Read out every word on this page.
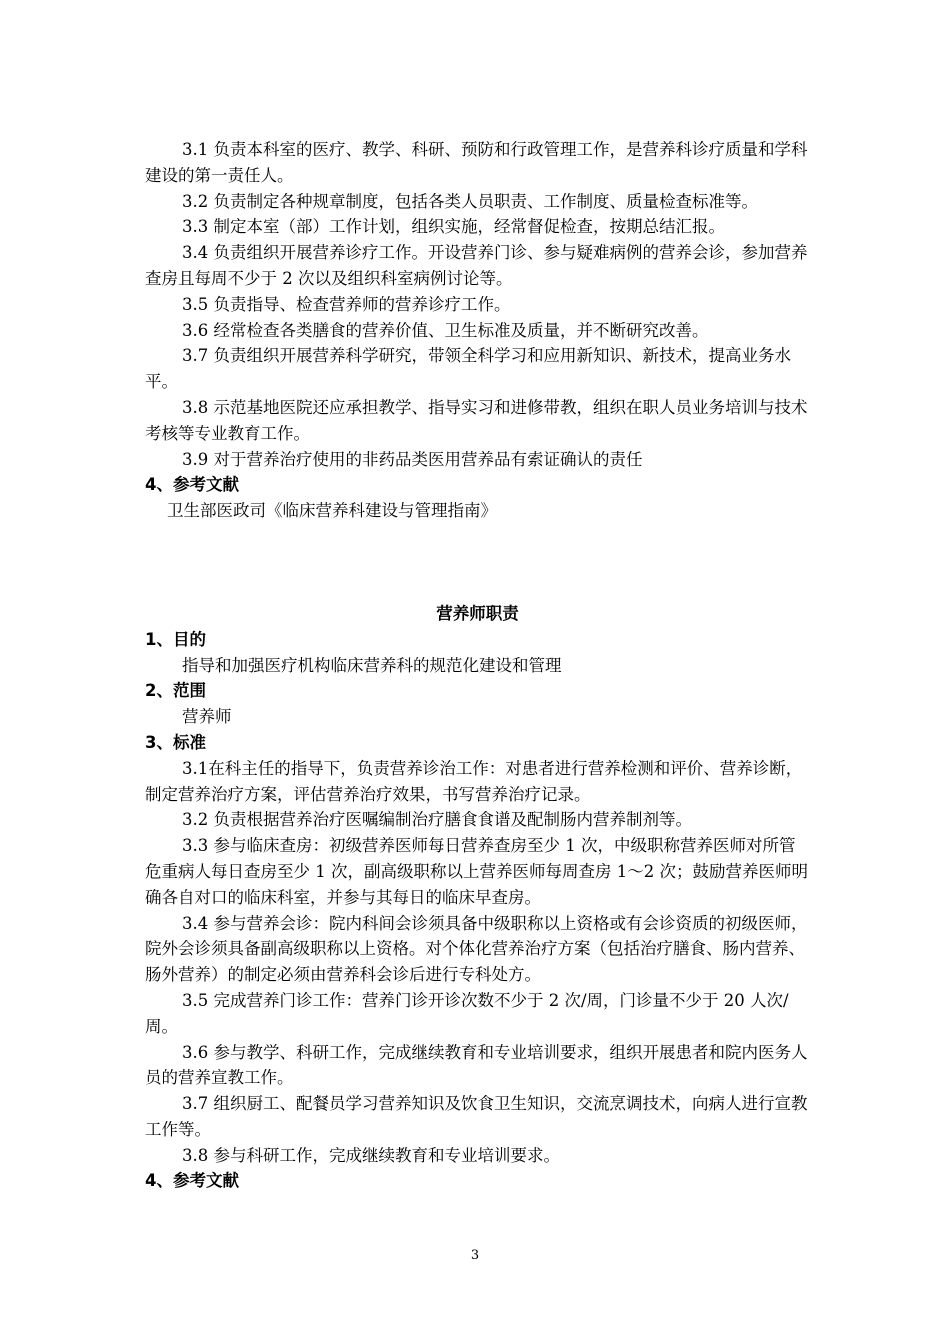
3.1 负责本科室的医疗、教学、科研、预防和行政管理工作，是营养科诊疗质量和学科建设的第一责任人。

3.2 负责制定各种规章制度，包括各类人员职责、工作制度、质量检查标准等。

3.3 制定本室（部）工作计划，组织实施，经常督促检查，按期总结汇报。

3.4 负责组织开展营养诊疗工作。开设营养门诊、参与疑难病例的营养会诊，参加营养查房且每周不少于 2 次以及组织科室病例讨论等。

3.5 负责指导、检查营养师的营养诊疗工作。

3.6 经常检查各类膳食的营养价值、卫生标准及质量，并不断研究改善。

3.7 负责组织开展营养科学研究，带领全科学习和应用新知识、新技术，提高业务水平。

3.8 示范基地医院还应承担教学、指导实习和进修带教，组织在职人员业务培训与技术考核等专业教育工作。

3.9 对于营养治疗使用的非药品类医用营养品有索证确认的责任

4、参考文献

卫生部医政司《临床营养科建设与管理指南》

营养师职责

1、目的

指导和加强医疗机构临床营养科的规范化建设和管理

2、范围

营养师

3、标准

3.1在科主任的指导下，负责营养诊治工作：对患者进行营养检测和评价、营养诊断，制定营养治疗方案，评估营养治疗效果，书写营养治疗记录。

3.2 负责根据营养治疗医嘱编制治疗膳食食谱及配制肠内营养制剂等。

3.3 参与临床查房：初级营养医师每日营养查房至少 1 次，中级职称营养医师对所管危重病人每日查房至少 1 次，副高级职称以上营养医师每周查房 1～2 次；鼓励营养医师明确各自对口的临床科室，并参与其每日的临床早查房。

3.4 参与营养会诊：院内科间会诊须具备中级职称以上资格或有会诊资质的初级医师，院外会诊须具备副高级职称以上资格。对个体化营养治疗方案（包括治疗膳食、肠内营养、肠外营养）的制定必须由营养科会诊后进行专科处方。

3.5 完成营养门诊工作：营养门诊开诊次数不少于 2 次/周，门诊量不少于 20 人次/周。

3.6 参与教学、科研工作，完成继续教育和专业培训要求，组织开展患者和院内医务人员的营养宣教工作。

3.7 组织厨工、配餐员学习营养知识及饮食卫生知识，交流烹调技术，向病人进行宣教工作等。

3.8 参与科研工作，完成继续教育和专业培训要求。

4、参考文献

3
